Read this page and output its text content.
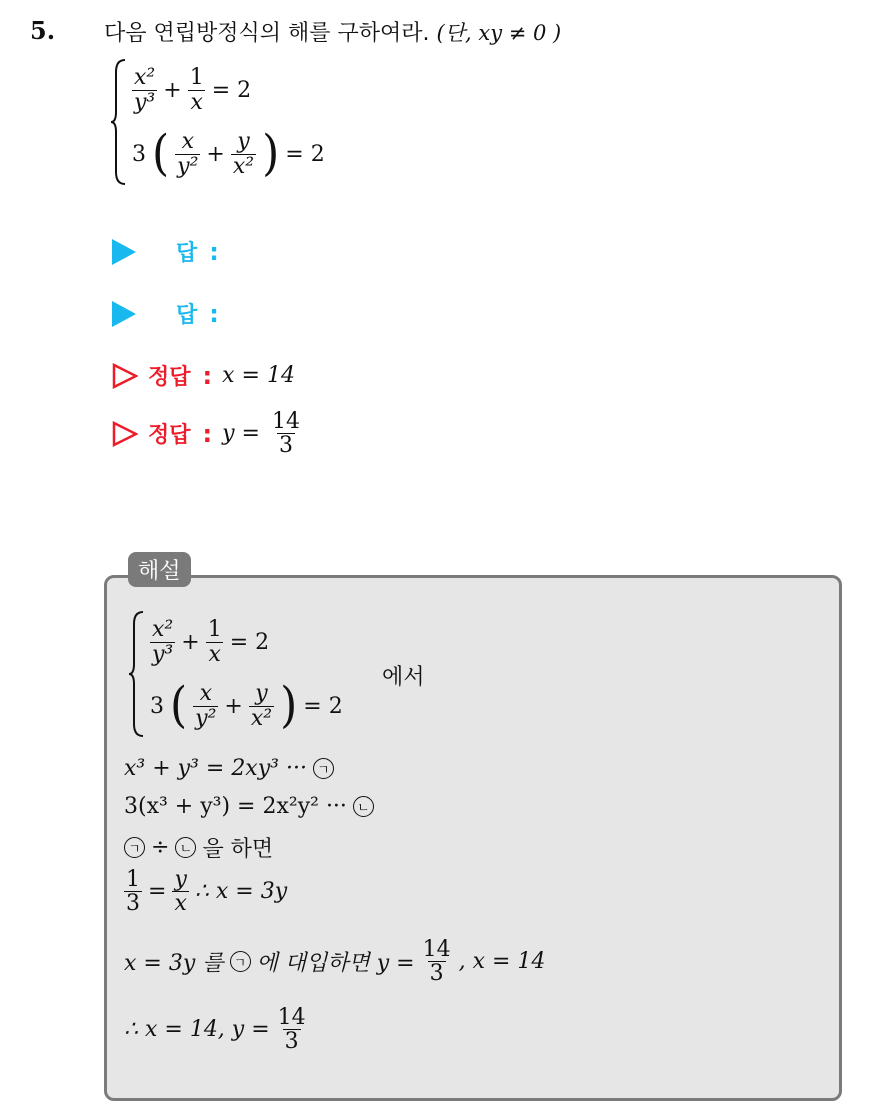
5. 다음 연립방정식의 해를 구하여라. (단, xy ≠ 0 )
$\frac{\text{x²}}{\text{y³}} + \frac{1}{x} = 2$
3 ( $\frac{x}{\text{y²}} + \frac{y}{\text{x²}}$ ) = 2
답 :
답 :
정답 : x = 14
정답 : $y = \frac{14}{3}$
해설
$\frac{\text{x²}}{\text{y³}} + \frac{1}{x} = 2$
3 ( $\frac{x}{\text{y²}} + \frac{y}{\text{x²}}$ ) = 2
에서
x³ + y³ = 2xy³ ··· ㄱ
3(x³ + y³) = 2x²y² ··· ㄴ
ㄱ ÷ ㄴ 을 하면
$\frac{1}{3} = \frac{y}{x}$ ∴ x = 3y
x = 3y 를 ㄱ 에 대입하면 $y = \frac{14}{3}$ , x = 14
∴ x = 14, $y = \frac{14}{3}$
